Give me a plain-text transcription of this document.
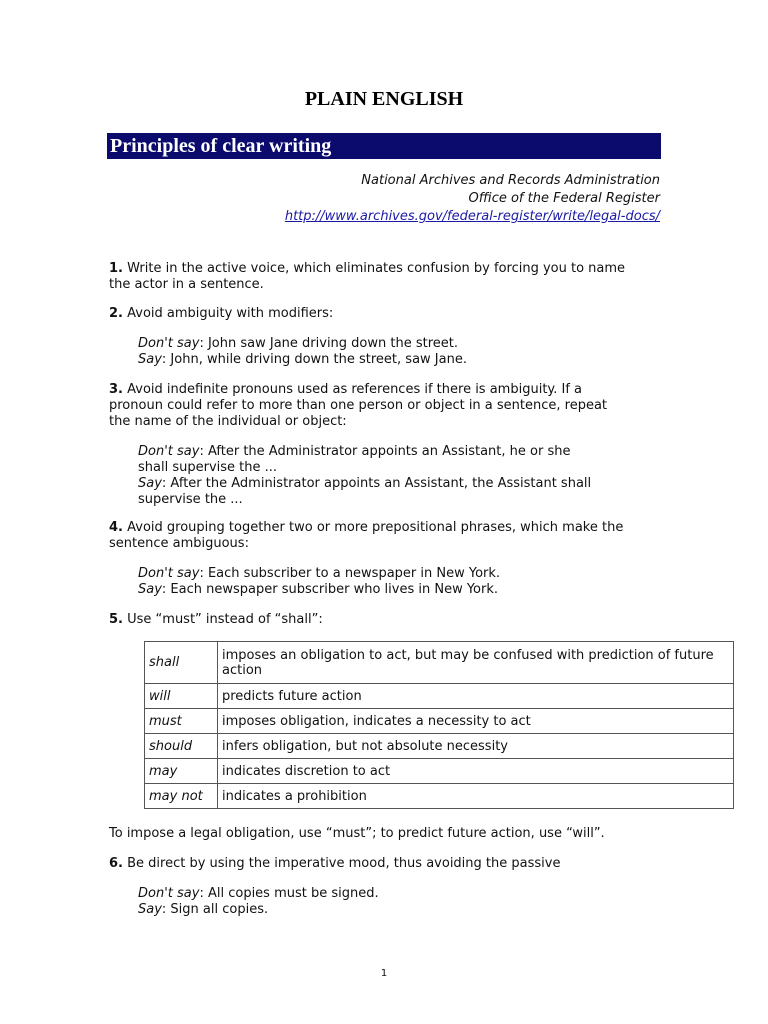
PLAIN ENGLISH
Principles of clear writing
National Archives and Records Administration
Office of the Federal Register
http://www.archives.gov/federal-register/write/legal-docs/
1. Write in the active voice, which eliminates confusion by forcing you to name
the actor in a sentence.
2. Avoid ambiguity with modifiers:
Don't say: John saw Jane driving down the street.
Say: John, while driving down the street, saw Jane.
3. Avoid indefinite pronouns used as references if there is ambiguity. If a
pronoun could refer to more than one person or object in a sentence, repeat
the name of the individual or object:
Don't say: After the Administrator appoints an Assistant, he or she
shall supervise the ...
Say: After the Administrator appoints an Assistant, the Assistant shall
supervise the ...
4. Avoid grouping together two or more prepositional phrases, which make the
sentence ambiguous:
Don't say: Each subscriber to a newspaper in New York.
Say: Each newspaper subscriber who lives in New York.
5. Use “must” instead of “shall”:
shall	imposes an obligation to act, but may be confused with prediction of future action
will	predicts future action
must	imposes obligation, indicates a necessity to act
should	infers obligation, but not absolute necessity
may	indicates discretion to act
may not	indicates a prohibition
To impose a legal obligation, use “must”; to predict future action, use “will”.
6. Be direct by using the imperative mood, thus avoiding the passive
Don't say: All copies must be signed.
Say: Sign all copies.
1
